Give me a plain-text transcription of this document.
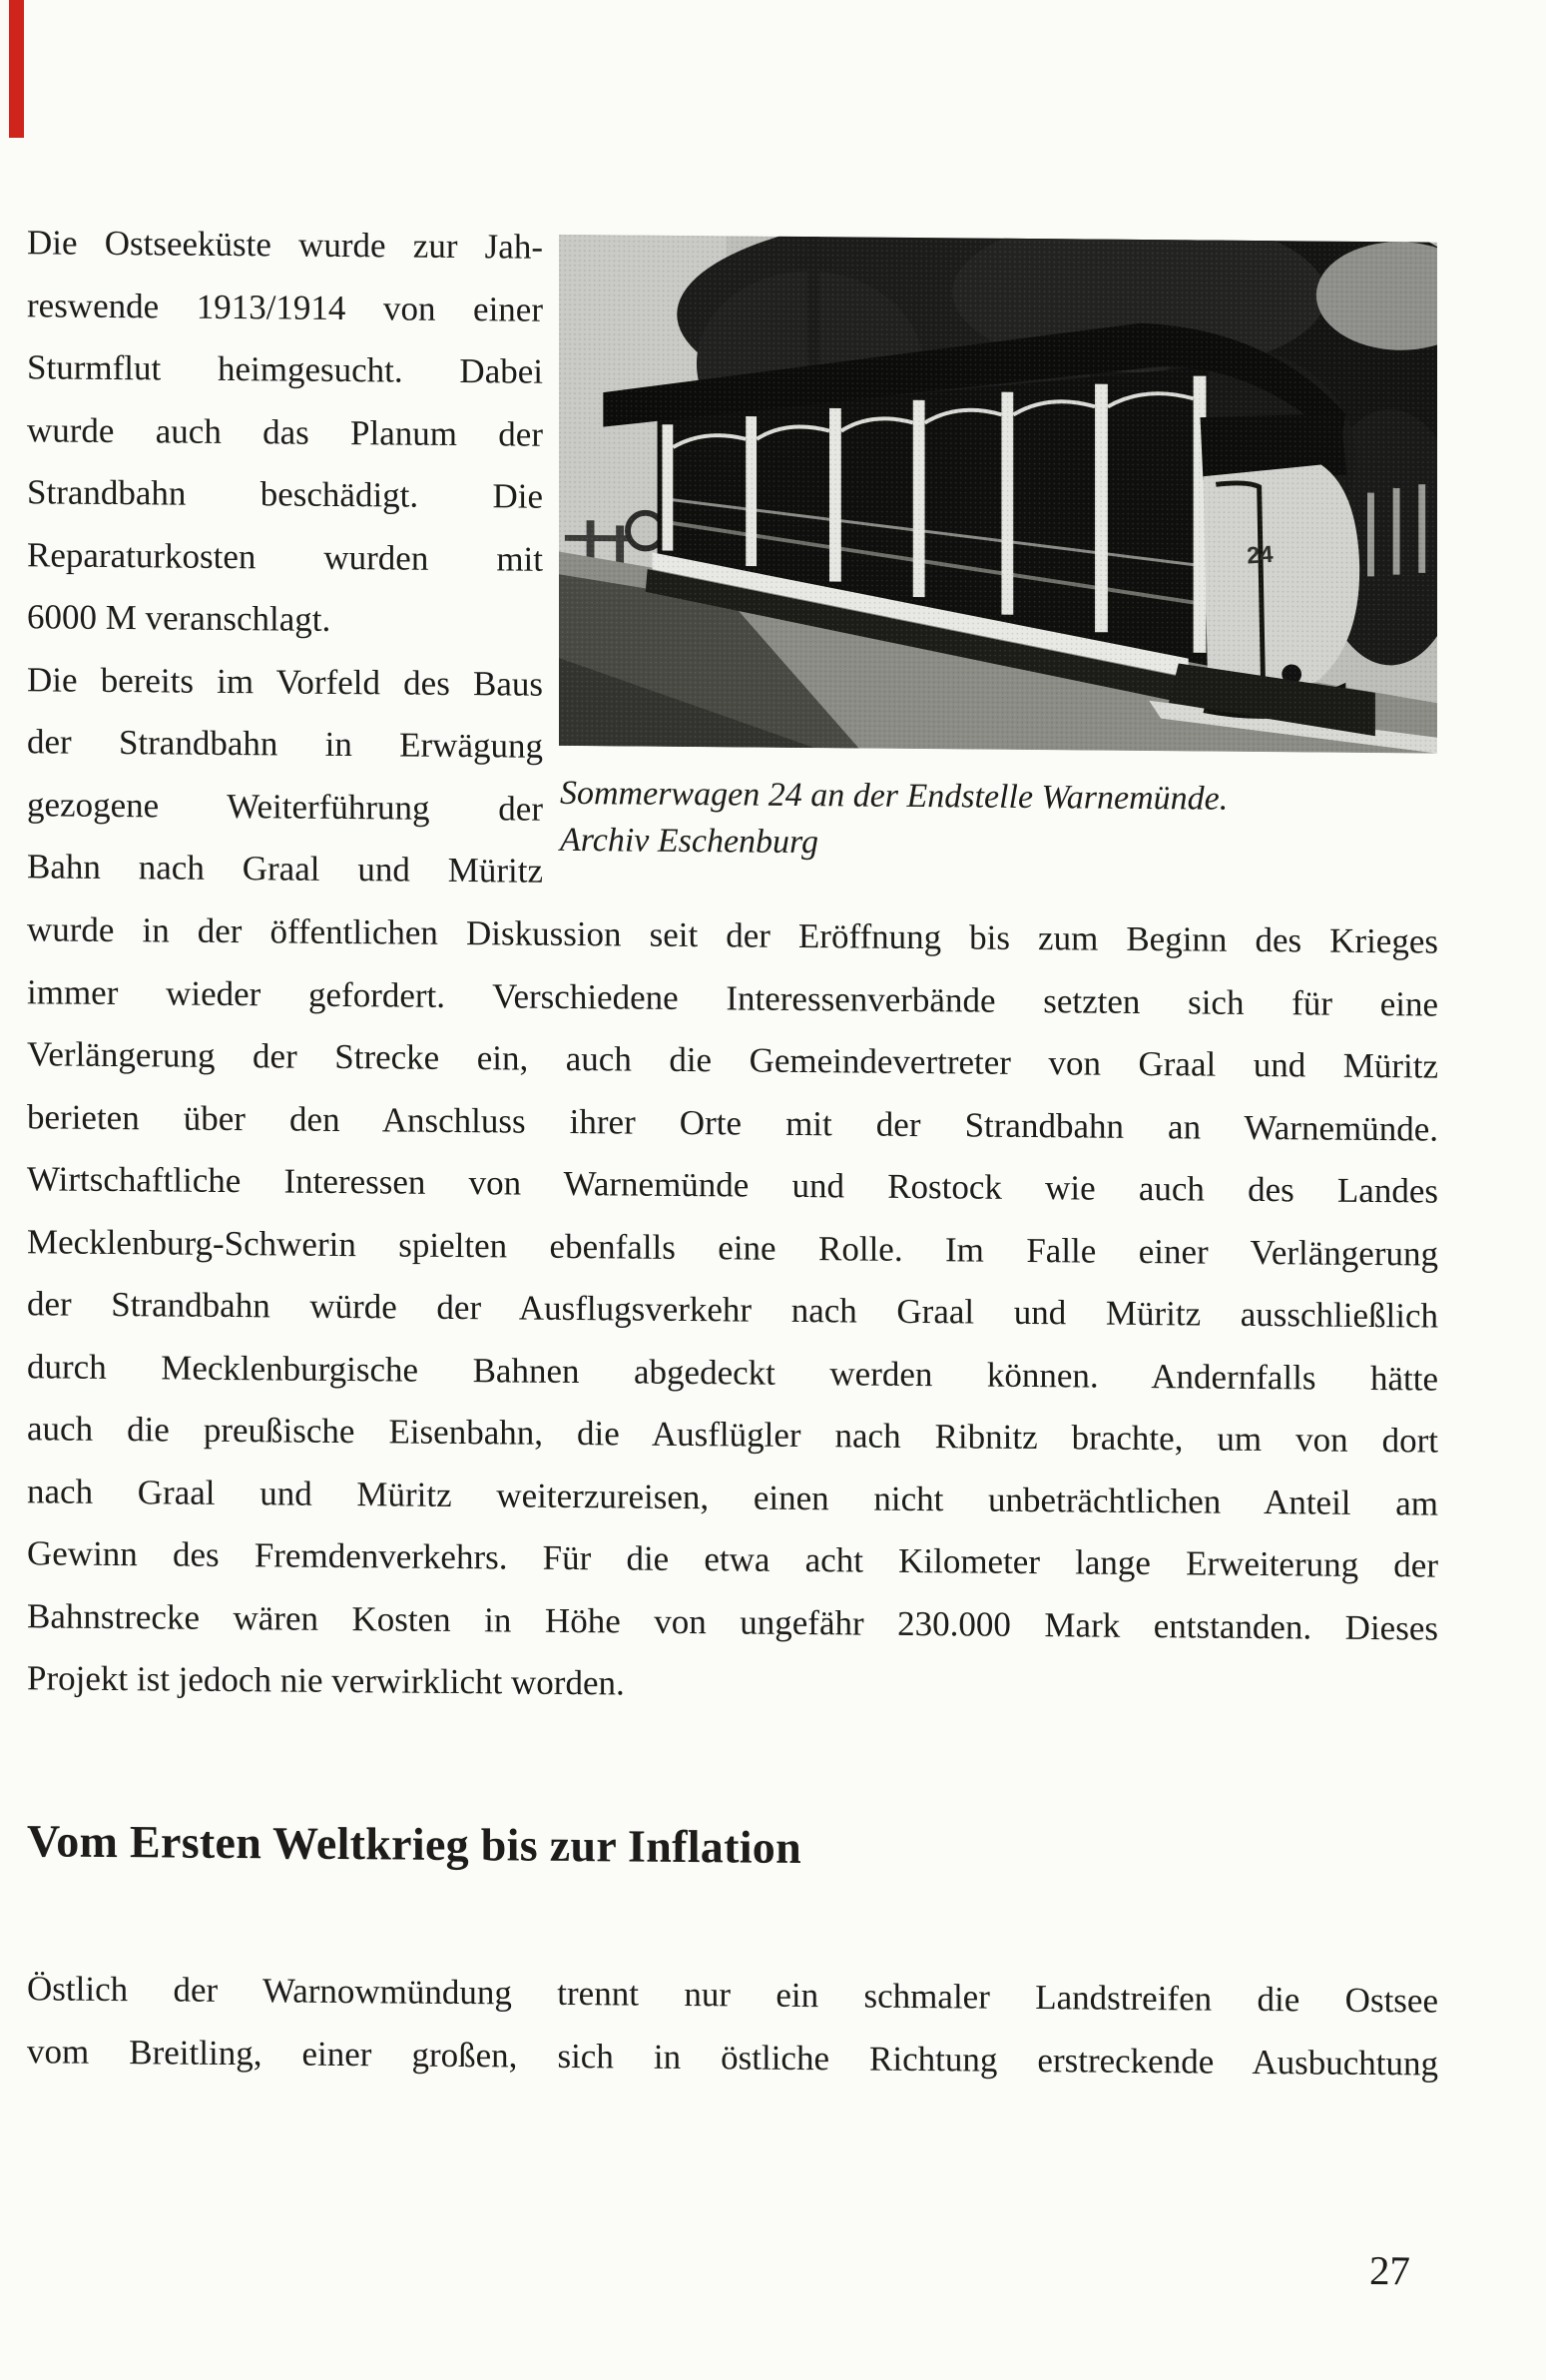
Die Ostseeküste wurde zur Jah-
reswende 1913/1914 von einer
Sturmflut heimgesucht. Dabei
wurde auch das Planum der
Strandbahn beschädigt. Die
Reparaturkosten wurden mit
6000 M veranschlagt.
Die bereits im Vorfeld des Baus
der Strandbahn in Erwägung
gezogene Weiterführung der
Bahn nach Graal und Müritz
Sommerwagen 24 an der Endstelle Warnemünde.
Archiv Eschenburg
wurde in der öffentlichen Diskussion seit der Eröffnung bis zum Beginn des Krieges
immer wieder gefordert. Verschiedene Interessenverbände setzten sich für eine
Verlängerung der Strecke ein, auch die Gemeindevertreter von Graal und Müritz
berieten über den Anschluss ihrer Orte mit der Strandbahn an Warnemünde.
Wirtschaftliche Interessen von Warnemünde und Rostock wie auch des Landes
Mecklenburg-Schwerin spielten ebenfalls eine Rolle. Im Falle einer Verlängerung
der Strandbahn würde der Ausflugsverkehr nach Graal und Müritz ausschließlich
durch Mecklenburgische Bahnen abgedeckt werden können. Andernfalls hätte
auch die preußische Eisenbahn, die Ausflügler nach Ribnitz brachte, um von dort
nach Graal und Müritz weiterzureisen, einen nicht unbeträchtlichen Anteil am
Gewinn des Fremdenverkehrs. Für die etwa acht Kilometer lange Erweiterung der
Bahnstrecke wären Kosten in Höhe von ungefähr 230.000 Mark entstanden. Dieses
Projekt ist jedoch nie verwirklicht worden.
Vom Ersten Weltkrieg bis zur Inflation
Östlich der Warnowmündung trennt nur ein schmaler Landstreifen die Ostsee
vom Breitling, einer großen, sich in östliche Richtung erstreckende Ausbuchtung
27
